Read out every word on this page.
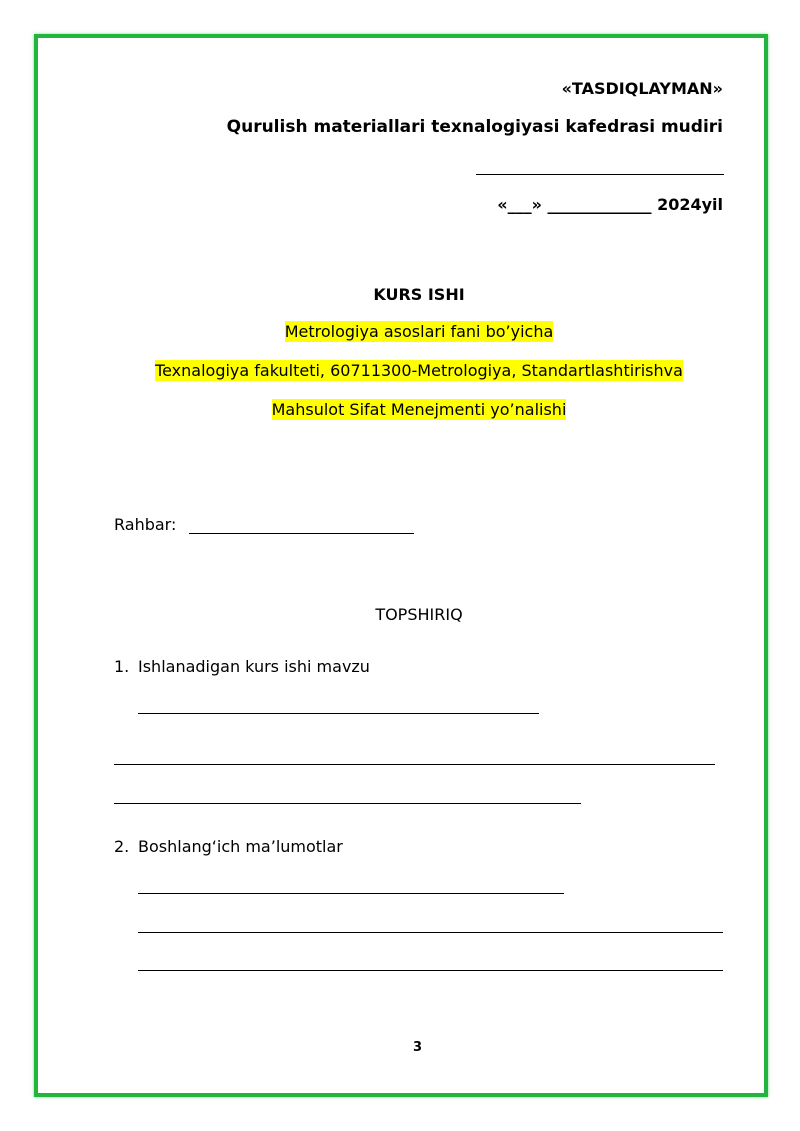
«TASDIQLAYMAN»
Qurulish materiallari texnalogiyasi kafedrasi mudiri
«___» _____________ 2024yil
KURS ISHI
Metrologiya asoslari fani bo’yicha
Texnalogiya fakulteti, 60711300-Metrologiya, Standartlashtirishva
Mahsulot Sifat Menejmenti yo’nalishi
Rahbar:
TOPSHIRIQ
1. Ishlanadigan kurs ishi mavzu
2. Boshlang‘ich ma’lumotlar
3
